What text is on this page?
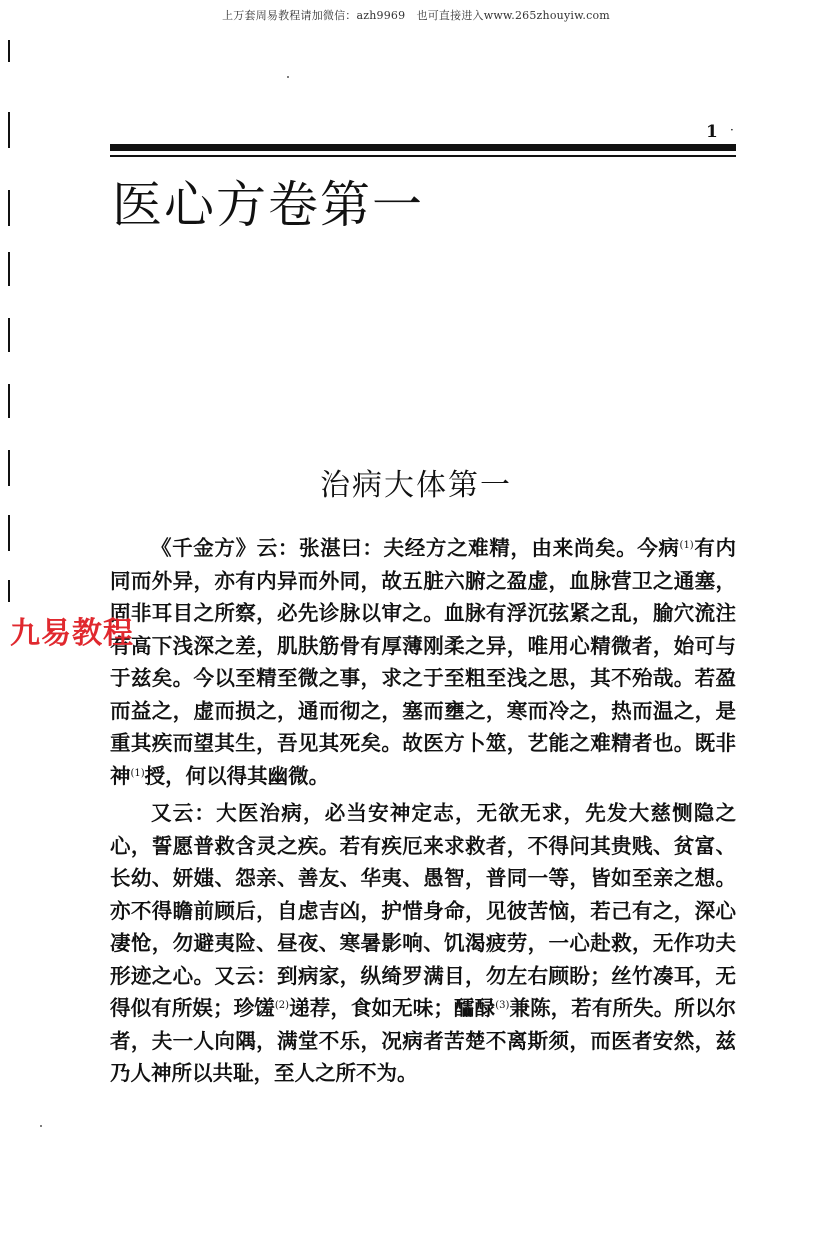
上万套周易教程请加微信：azh9969　也可直接进入www.265zhouyiw.com
1 ·
医心方卷第一
治病大体第一

《千金方》云：张湛曰：夫经方之难精，由来尚矣。今病$^{(1)}$有内同而外异，亦有内异而外同，故五脏六腑之盈虚，血脉营卫之通塞，固非耳目之所察，必先诊脉以审之。血脉有浮沉弦紧之乱，腧穴流注有高下浅深之差，肌肤筋骨有厚薄刚柔之异，唯用心精微者，始可与于兹矣。今以至精至微之事，求之于至粗至浅之思，其不殆哉。若盈而益之，虚而损之，通而彻之，塞而壅之，寒而冷之，热而温之，是重其疾而望其生，吾见其死矣。故医方卜筮，艺能之难精者也。既非神$^{(1)}$授，何以得其幽微。

又云：大医治病，必当安神定志，无欲无求，先发大慈恻隐之心，誓愿普救含灵之疾。若有疾厄来求救者，不得问其贵贱、贫富、长幼、妍媸、怨亲、善友、华夷、愚智，普同一等，皆如至亲之想。亦不得瞻前顾后，自虑吉凶，护惜身命，见彼苦恼，若己有之，深心凄怆，勿避夷险、昼夜、寒暑影响、饥渴疲劳，一心赴救，无作功夫形迹之心。又云：到病家，纵绮罗满目，勿左右顾盼；丝竹凑耳，无得似有所娱；珍馐$^{(2)}$递荐，食如无味；醽醁$^{(3)}$兼陈，若有所失。所以尔者，夫一人向隅，满堂不乐，况病者苦楚不离斯须，而医者安然，兹乃人神所以共耻，至人之所不为。

九易教程
